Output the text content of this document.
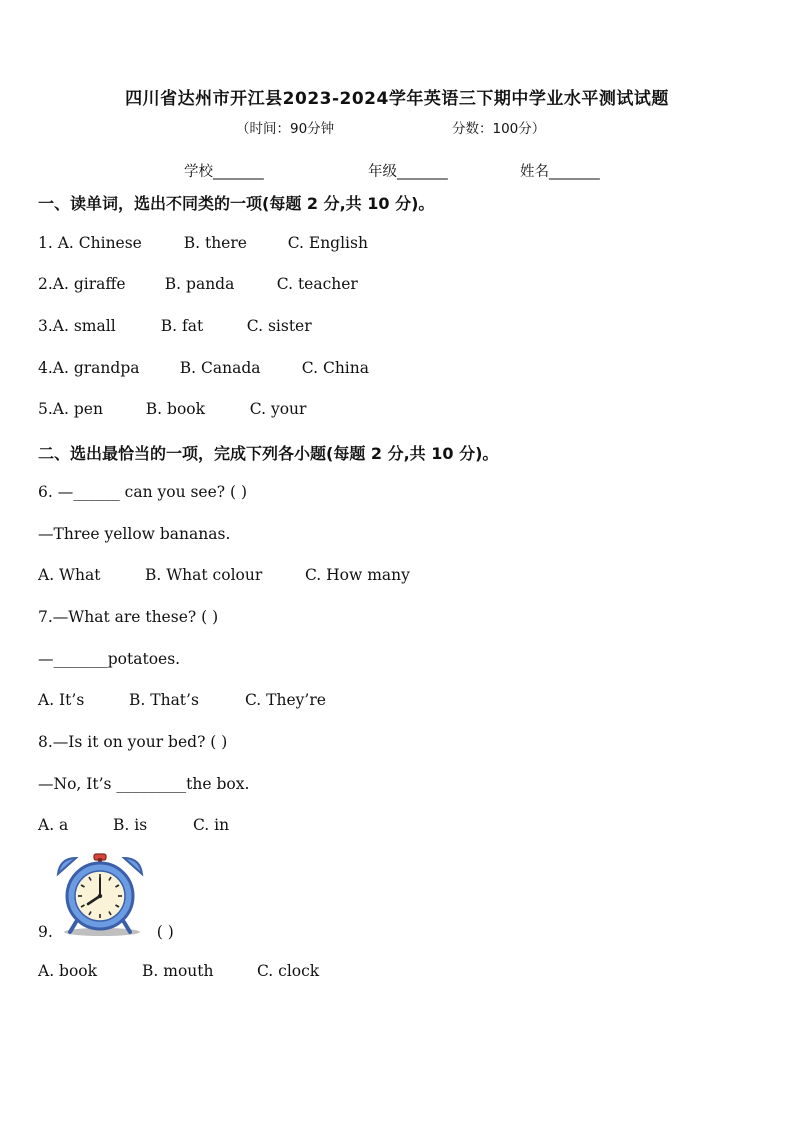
四川省达州市开江县2023-2024学年英语三下期中学业水平测试试题
（时间：90分钟	分数：100分）
学校_______	年级_______	姓名_______
一、读单词，选出不同类的一项(每题 2 分,共 10 分)。
1. A. Chinese	B. there	C. English
2.A. giraffe	B. panda	C. teacher
3.A. small	B. fat	C. sister
4.A. grandpa	B. Canada	C. China
5.A. pen	B. book	C. your
二、选出最恰当的一项，完成下列各小题(每题 2 分,共 10 分)。
6. —______ can you see? ( )
—Three yellow bananas.
A. What	B. What colour	C. How many
7.—What are these? ( )
—_______potatoes.
A. It’s	B. That’s	C. They’re
8.—Is it on your bed? ( )
—No, It’s _________the box.
A. a	B. is	C. in
9.	( )
A. book	B. mouth	C. clock
